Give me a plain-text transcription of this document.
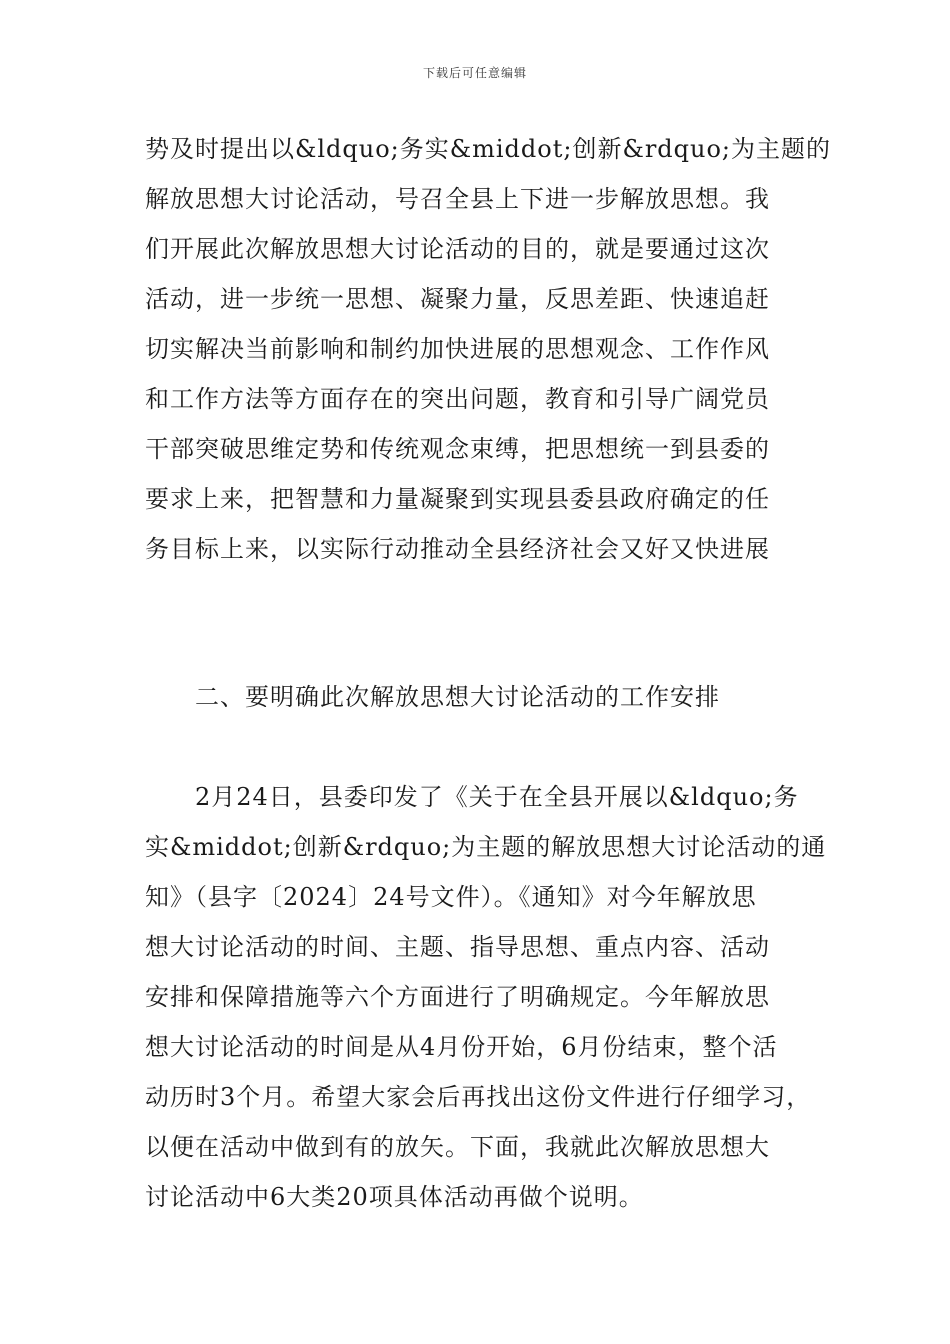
下载后可任意编辑
势及时提出以&ldquo;务实&middot;创新&rdquo;为主题的
解放思想大讨论活动，号召全县上下进一步解放思想。我
们开展此次解放思想大讨论活动的目的，就是要通过这次
活动，进一步统一思想、凝聚力量，反思差距、快速追赶
切实解决当前影响和制约加快进展的思想观念、工作作风
和工作方法等方面存在的突出问题，教育和引导广阔党员
干部突破思维定势和传统观念束缚，把思想统一到县委的
要求上来，把智慧和力量凝聚到实现县委县政府确定的任
务目标上来，以实际行动推动全县经济社会又好又快进展
二、要明确此次解放思想大讨论活动的工作安排
2月24日，县委印发了《关于在全县开展以&ldquo;务
实&middot;创新&rdquo;为主题的解放思想大讨论活动的通
知》（县字〔2024〕24号文件）。《通知》对今年解放思
想大讨论活动的时间、主题、指导思想、重点内容、活动
安排和保障措施等六个方面进行了明确规定。今年解放思
想大讨论活动的时间是从4月份开始，6月份结束，整个活
动历时3个月。希望大家会后再找出这份文件进行仔细学习，
以便在活动中做到有的放矢。下面，我就此次解放思想大
讨论活动中6大类20项具体活动再做个说明。
